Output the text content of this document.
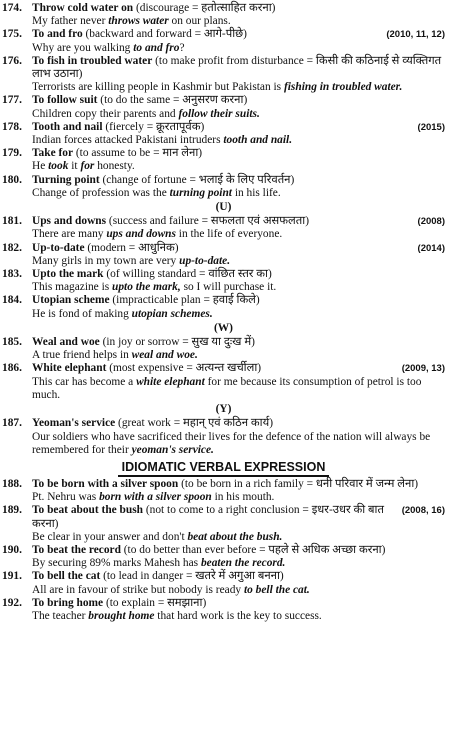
174. Throw cold water on (discourage = हतोत्साहित करना)
My father never throws water on our plans.
175. To and fro (backward and forward = आगे-पीछे)	(2010, 11, 12)
Why are you walking to and fro?
176. To fish in troubled water (to make profit from disturbance = किसी की कठिनाई से व्यक्तिगत लाभ उठाना)
Terrorists are killing people in Kashmir but Pakistan is fishing in troubled water.
177. To follow suit (to do the same = अनुसरण करना)
Children copy their parents and follow their suits.
178. Tooth and nail (fiercely = क्रूरतापूर्वक)	(2015)
Indian forces attacked Pakistani intruders tooth and nail.
179. Take for (to assume to be = मान लेना)
He took it for honesty.
180. Turning point (change of fortune = भलाई के लिए परिवर्तन)
Change of profession was the turning point in his life.
(U)
181. Ups and downs (success and failure = सफलता एवं असफलता)	(2008)
There are many ups and downs in the life of everyone.
182. Up-to-date (modern = आधुनिक)	(2014)
Many girls in my town are very up-to-date.
183. Upto the mark (of willing standard = वांछित स्तर का)
This magazine is upto the mark, so I will purchase it.
184. Utopian scheme (impracticable plan = हवाई किले)
He is fond of making utopian schemes.
(W)
185. Weal and woe (in joy or sorrow = सुख या दुःख में)
A true friend helps in weal and woe.
186. White elephant (most expensive = अत्यन्त खर्चीला)	(2009, 13)
This car has become a white elephant for me because its consumption of petrol is too much.
(Y)
187. Yeoman's service (great work = महान् एवं कठिन कार्य)
Our soldiers who have sacrificed their lives for the defence of the nation will always be remembered for their yeoman's service.
IDIOMATIC VERBAL EXPRESSION
188. To be born with a silver spoon (to be born in a rich family = धनी परिवार में जन्म लेना)
Pt. Nehru was born with a silver spoon in his mouth.
189. To beat about the bush (not to come to a right conclusion = इधर-उधर की बात करना)
(2008, 16)
Be clear in your answer and don't beat about the bush.
190. To beat the record (to do better than ever before = पहले से अधिक अच्छा करना)
By securing 89% marks Mahesh has beaten the record.
191. To bell the cat (to lead in danger = खतरे में अगुआ बनना)
All are in favour of strike but nobody is ready to bell the cat.
192. To bring home (to explain = समझाना)
The teacher brought home that hard work is the key to success.
